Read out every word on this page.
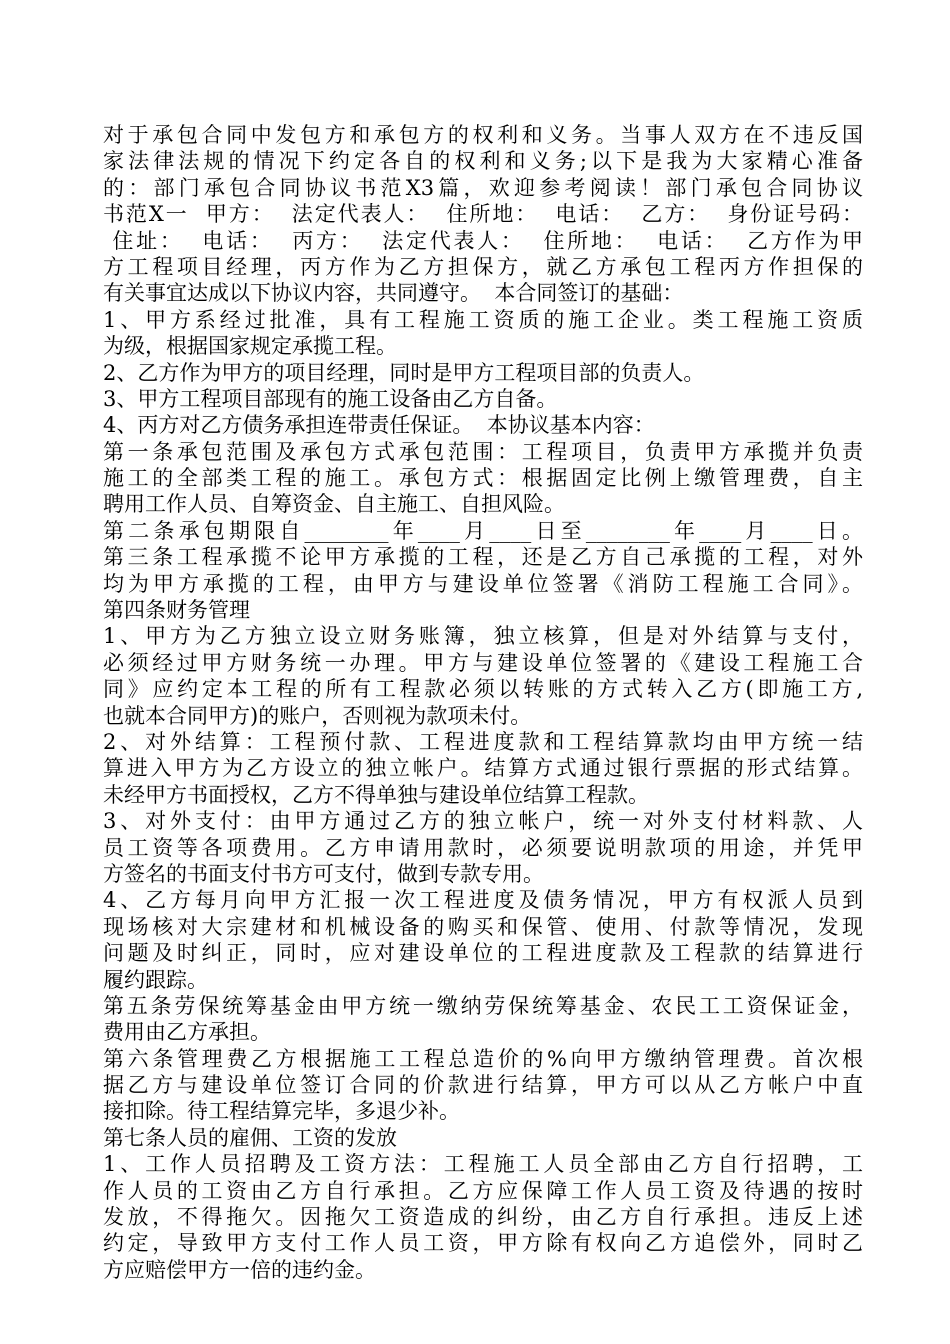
对于承包合同中发包方和承包方的权利和义务。当事人双方在不违反国
家法律法规的情况下约定各自的权利和义务;以下是我为大家精心准备
的：部门承包合同协议书范X3篇，欢迎参考阅读！部门承包合同协议
书范X一  甲方：  法定代表人：  住所地：  电话：  乙方：  身份证号码：
住址：  电话：  丙方：  法定代表人：  住所地：  电话：  乙方作为甲
方工程项目经理，丙方作为乙方担保方，就乙方承包工程丙方作担保的
有关事宜达成以下协议内容，共同遵守。  本合同签订的基础：
1、甲方系经过批准，具有工程施工资质的施工企业。类工程施工资质
为级，根据国家规定承揽工程。
2、乙方作为甲方的项目经理，同时是甲方工程项目部的负责人。
3、甲方工程项目部现有的施工设备由乙方自备。
4、丙方对乙方债务承担连带责任保证。  本协议基本内容：
第一条承包范围及承包方式承包范围：工程项目，负责甲方承揽并负责
施工的全部类工程的施工。承包方式：根据固定比例上缴管理费，自主
聘用工作人员、自筹资金、自主施工、自担风险。
第二条承包期限自________年____月____日至________年____月____日。
第三条工程承揽不论甲方承揽的工程，还是乙方自己承揽的工程，对外
均为甲方承揽的工程，由甲方与建设单位签署《消防工程施工合同》。
第四条财务管理
1、甲方为乙方独立设立财务账簿，独立核算，但是对外结算与支付，
必须经过甲方财务统一办理。甲方与建设单位签署的《建设工程施工合
同》应约定本工程的所有工程款必须以转账的方式转入乙方(即施工方,
也就本合同甲方)的账户，否则视为款项未付。
2、对外结算：工程预付款、工程进度款和工程结算款均由甲方统一结
算进入甲方为乙方设立的独立帐户。结算方式通过银行票据的形式结算。
未经甲方书面授权，乙方不得单独与建设单位结算工程款。
3、对外支付：由甲方通过乙方的独立帐户，统一对外支付材料款、人
员工资等各项费用。乙方申请用款时，必须要说明款项的用途，并凭甲
方签名的书面支付书方可支付，做到专款专用。
4、乙方每月向甲方汇报一次工程进度及债务情况，甲方有权派人员到
现场核对大宗建材和机械设备的购买和保管、使用、付款等情况，发现
问题及时纠正，同时，应对建设单位的工程进度款及工程款的结算进行
履约跟踪。
第五条劳保统筹基金由甲方统一缴纳劳保统筹基金、农民工工资保证金，
费用由乙方承担。
第六条管理费乙方根据施工工程总造价的%向甲方缴纳管理费。首次根
据乙方与建设单位签订合同的价款进行结算，甲方可以从乙方帐户中直
接扣除。待工程结算完毕，多退少补。
第七条人员的雇佣、工资的发放
1、工作人员招聘及工资方法：工程施工人员全部由乙方自行招聘，工
作人员的工资由乙方自行承担。乙方应保障工作人员工资及待遇的按时
发放，不得拖欠。因拖欠工资造成的纠纷，由乙方自行承担。违反上述
约定，导致甲方支付工作人员工资，甲方除有权向乙方追偿外，同时乙
方应赔偿甲方一倍的违约金。
